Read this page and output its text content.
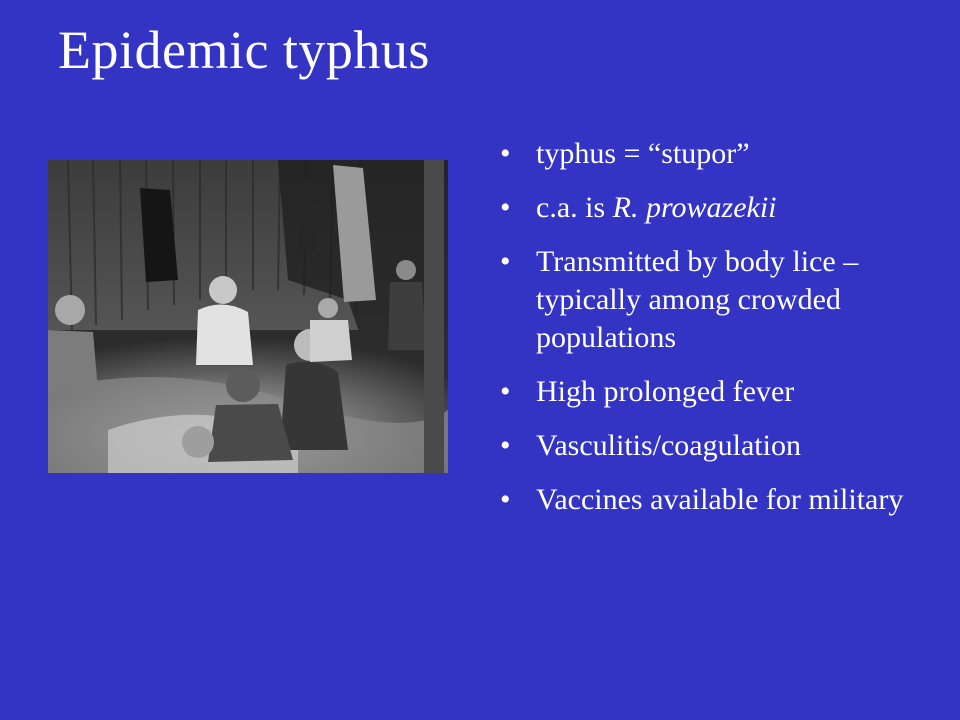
Epidemic typhus
• typhus = “stupor”
• c.a. is R. prowazekii
• Transmitted by body lice – typically among crowded populations
• High prolonged fever
• Vasculitis/coagulation
• Vaccines available for military
